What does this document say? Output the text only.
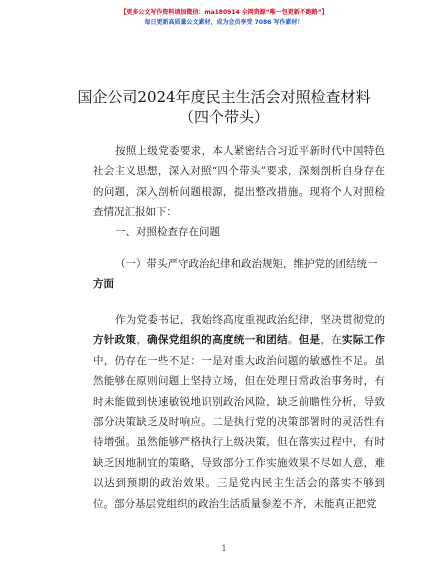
【更多公文写作资料请加微信：ma180914 全网资源“唯一包更新不跑路”】
每日更新高质量公文素材，成为会员享受 7086 写作素材！
国企公司2024年度民主生活会对照检查材料
（四个带头）

按照上级党委要求，本人紧密结合习近平新时代中国特色社会主义思想，深入对照“四个带头”要求，深刻剖析自身存在的问题，深入剖析问题根源，提出整改措施。现将个人对照检查情况汇报如下：

一、对照检查存在问题

（一）带头严守政治纪律和政治规矩，维护党的团结统一方面

作为党委书记，我始终高度重视政治纪律，坚决贯彻党的方针政策，确保党组织的高度统一和团结。但是，在实际工作中，仍存在一些不足：一是对重大政治问题的敏感性不足。虽然能够在原则问题上坚持立场，但在处理日常政治事务时，有时未能做到快速敏锐地识别政治风险，缺乏前瞻性分析，导致部分决策缺乏及时响应。二是执行党的决策部署时的灵活性有待增强。虽然能够严格执行上级决策，但在落实过程中，有时缺乏因地制宜的策略，导致部分工作实施效果不尽如人意，难以达到预期的政治效果。三是党内民主生活会的落实不够到位。部分基层党组织的政治生活质量参差不齐，未能真正把党

1
